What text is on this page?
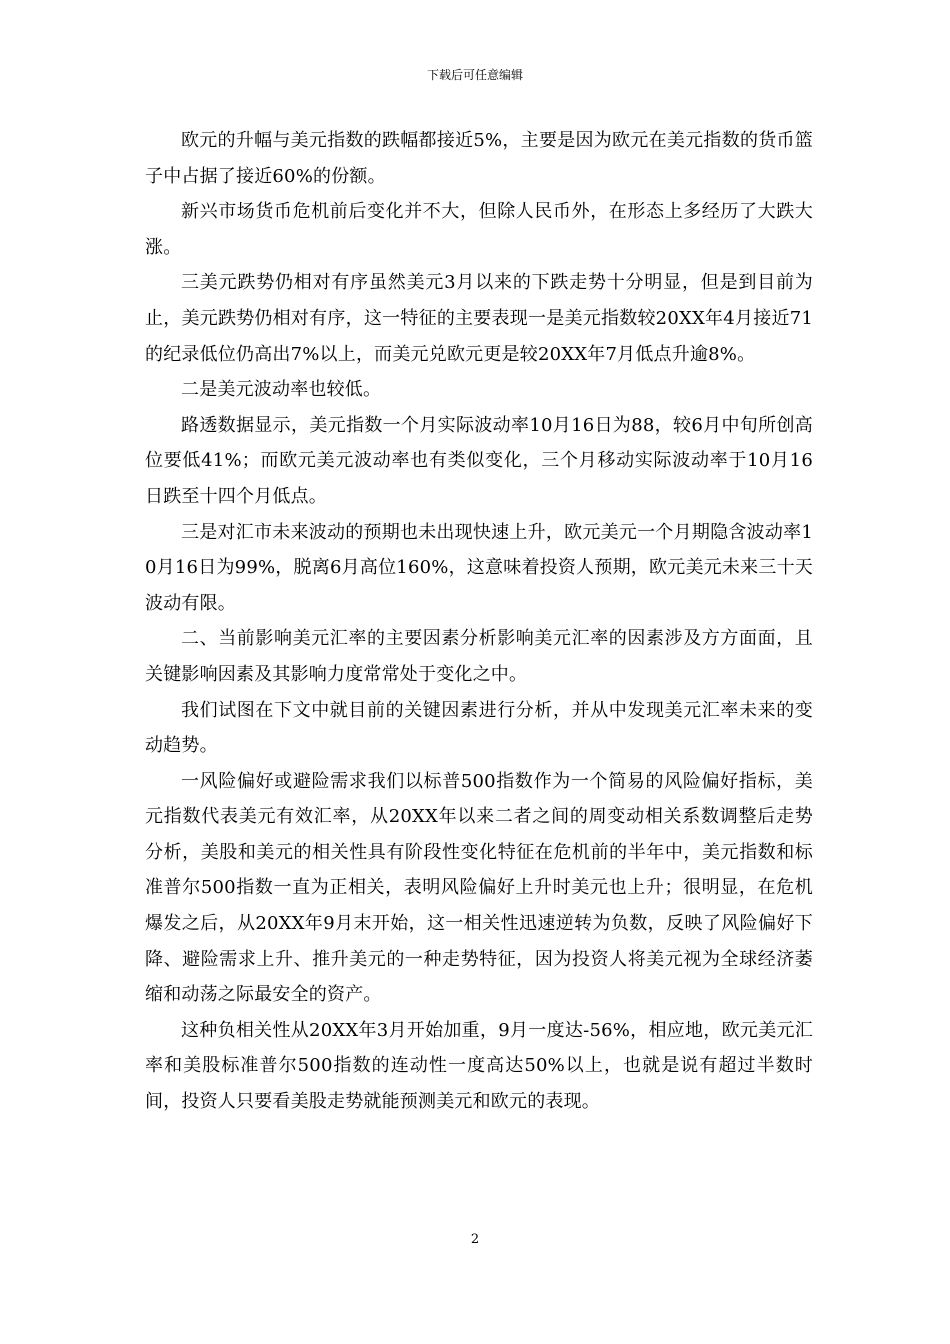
下载后可任意编辑

欧元的升幅与美元指数的跌幅都接近5%，主要是因为欧元在美元指数的货币篮子中占据了接近60%的份额。

新兴市场货币危机前后变化并不大，但除人民币外，在形态上多经历了大跌大涨。

三美元跌势仍相对有序虽然美元3月以来的下跌走势十分明显，但是到目前为止，美元跌势仍相对有序，这一特征的主要表现一是美元指数较20XX年4月接近71的纪录低位仍高出7%以上，而美元兑欧元更是较20XX年7月低点升逾8%。

二是美元波动率也较低。

路透数据显示，美元指数一个月实际波动率10月16日为88，较6月中旬所创高位要低41%；而欧元美元波动率也有类似变化，三个月移动实际波动率于10月16日跌至十四个月低点。

三是对汇市未来波动的预期也未出现快速上升，欧元美元一个月期隐含波动率10月16日为99%，脱离6月高位160%，这意味着投资人预期，欧元美元未来三十天波动有限。

二、当前影响美元汇率的主要因素分析影响美元汇率的因素涉及方方面面，且关键影响因素及其影响力度常常处于变化之中。

我们试图在下文中就目前的关键因素进行分析，并从中发现美元汇率未来的变动趋势。

一风险偏好或避险需求我们以标普500指数作为一个简易的风险偏好指标，美元指数代表美元有效汇率，从20XX年以来二者之间的周变动相关系数调整后走势分析，美股和美元的相关性具有阶段性变化特征在危机前的半年中，美元指数和标准普尔500指数一直为正相关，表明风险偏好上升时美元也上升；很明显，在危机爆发之后，从20XX年9月末开始，这一相关性迅速逆转为负数，反映了风险偏好下降、避险需求上升、推升美元的一种走势特征，因为投资人将美元视为全球经济萎缩和动荡之际最安全的资产。

这种负相关性从20XX年3月开始加重，9月一度达-56%，相应地，欧元美元汇率和美股标准普尔500指数的连动性一度高达50%以上，也就是说有超过半数时间，投资人只要看美股走势就能预测美元和欧元的表现。

2
